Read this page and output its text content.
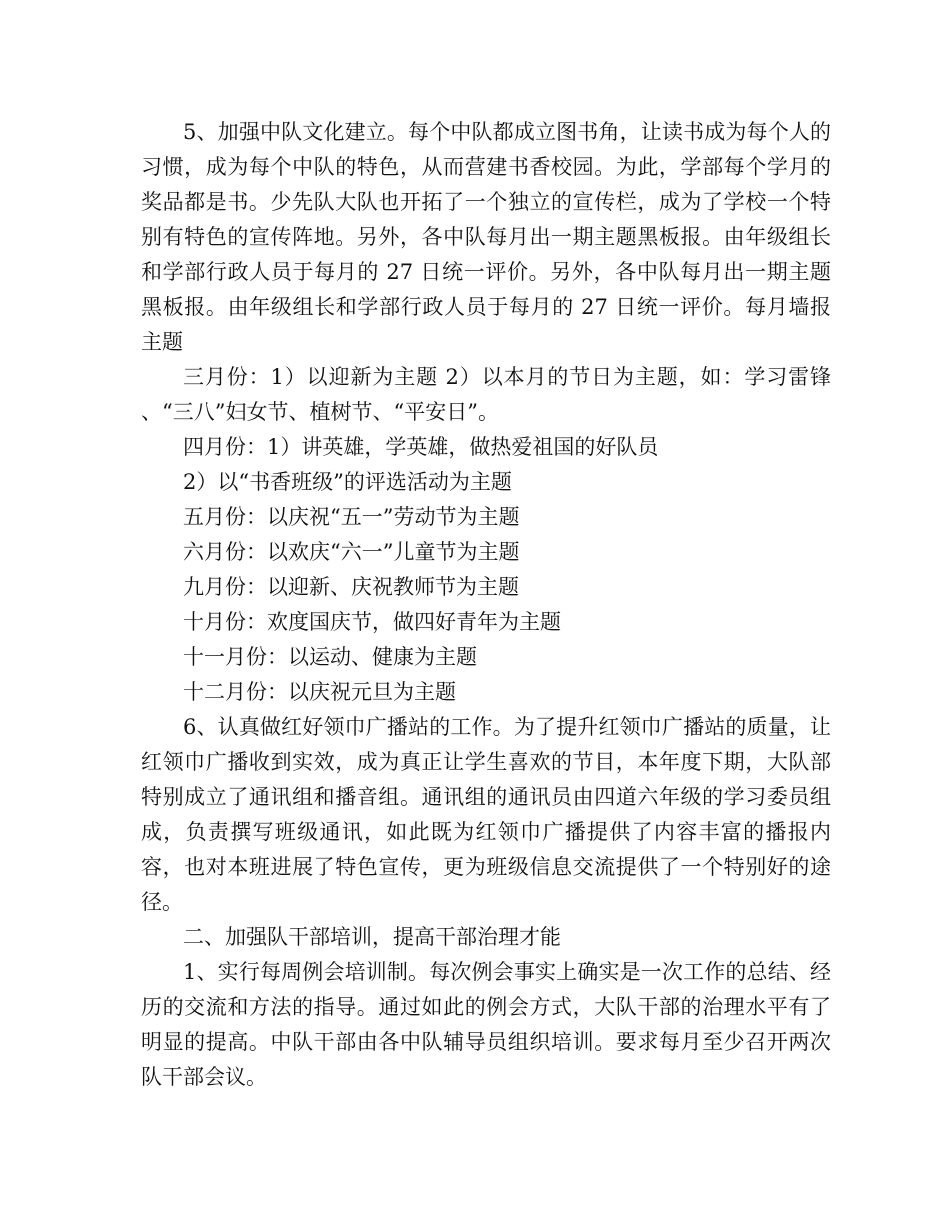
5、加强中队文化建立。每个中队都成立图书角，让读书成为每个人的习惯，成为每个中队的特色，从而营建书香校园。为此，学部每个学月的奖品都是书。少先队大队也开拓了一个独立的宣传栏，成为了学校一个特别有特色的宣传阵地。另外，各中队每月出一期主题黑板报。由年级组长和学部行政人员于每月的 27 日统一评价。另外，各中队每月出一期主题黑板报。由年级组长和学部行政人员于每月的 27 日统一评价。每月墙报主题

三月份：1）以迎新为主题 2）以本月的节日为主题，如：学习雷锋 、“三八”妇女节、植树节、“平安日”。

四月份：1）讲英雄，学英雄，做热爱祖国的好队员

2）以“书香班级”的评选活动为主题

五月份：以庆祝“五一”劳动节为主题

六月份：以欢庆“六一”儿童节为主题

九月份：以迎新、庆祝教师节为主题

十月份：欢度国庆节，做四好青年为主题

十一月份：以运动、健康为主题

十二月份：以庆祝元旦为主题

6、认真做红好领巾广播站的工作。为了提升红领巾广播站的质量，让红领巾广播收到实效，成为真正让学生喜欢的节目，本年度下期，大队部特别成立了通讯组和播音组。通讯组的通讯员由四道六年级的学习委员组成，负责撰写班级通讯，如此既为红领巾广播提供了内容丰富的播报内容，也对本班进展了特色宣传，更为班级信息交流提供了一个特别好的途径。

二、加强队干部培训，提高干部治理才能

1、实行每周例会培训制。每次例会事实上确实是一次工作的总结、经历的交流和方法的指导。通过如此的例会方式，大队干部的治理水平有了明显的提高。中队干部由各中队辅导员组织培训。要求每月至少召开两次队干部会议。
